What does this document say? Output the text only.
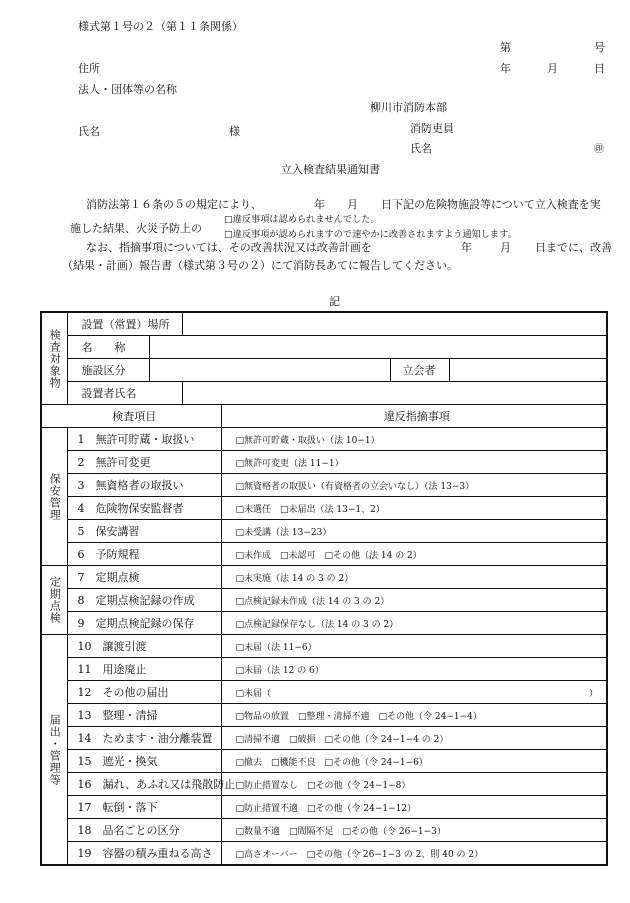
様式第１号の２（第１１条関係）
第	号
住所	年	月	日
法人・団体等の名称
柳川市消防本部
氏名	様	消防吏員
氏名	㊞
立入検査結果通知書
消防法第１６条の５の規定により、	年 月 日下記の危険物施設等について立入検査を実
施した結果、火災予防上の
□違反事項は認められませんでした。
□違反事項が認められますので速やかに改善されますよう通知します。
なお、指摘事項については、その改善状況又は改善計画を	年	月 日までに、改善
（結果・計画）報告書（様式第３号の２）にて消防長あてに報告してください。
記
検査対象物	設置（常置）場所					
	名　　称					
	施設区分				立会者	
	設置者氏名					
検査項目				違反指摘事項		
保安管理	1　 無許可貯蔵・取扱い			□無許可貯蔵・取扱い（法 10−1）		
	2　 無許可変更			□無許可変更（法 11−1）		
	3　 無資格者の取扱い			□無資格者の取扱い（有資格者の立会いなし）（法 13−3）		
	4　 危険物保安監督者			□未選任　□未届出（法 13−1、2）		
	5　 保安講習			□未受講（法 13−23）		
	6　 予防規程			□未作成　□未認可　□その他（法 14 の 2）		
定期点検	7　 定期点検			□未実施（法 14 の 3 の 2）		
	8　 定期点検記録の作成			□点検記録未作成（法 14 の 3 の 2）		
	9　 定期点検記録の保存			□点検記録保存なし（法 14 の 3 の 2）		
届出・管理等	10　 譲渡引渡			□未届（法 11−6）		
	11　 用途廃止			□未届（法 12 の 6）		
	12　 その他の届出			□未届（ ）		

	13　 整理・清掃			□物品の放置　□整理・清掃不適　□その他（令 24−1−4）		
	14　 ためます・油分離装置			□清掃不適　□破損　□その他（令 24−1−4 の 2）		
	15　 遮光・換気			□撤去　□機能不良　□その他（令 24−1−6）		
	16　 漏れ、あふれ又は飛散防止			□防止措置なし　□その他（令 24−1−8）		
	17　 転倒・落下			□防止措置不適　□その他（令 24−1−12）		
	18　 品名ごとの区分			□数量不適　□間隔不足　□その他（令 26−1−3）		
	19　 容器の積み重ねる高さ			□高さオーバー　□その他（令 26−1−3 の 2、則 40 の 2）		
